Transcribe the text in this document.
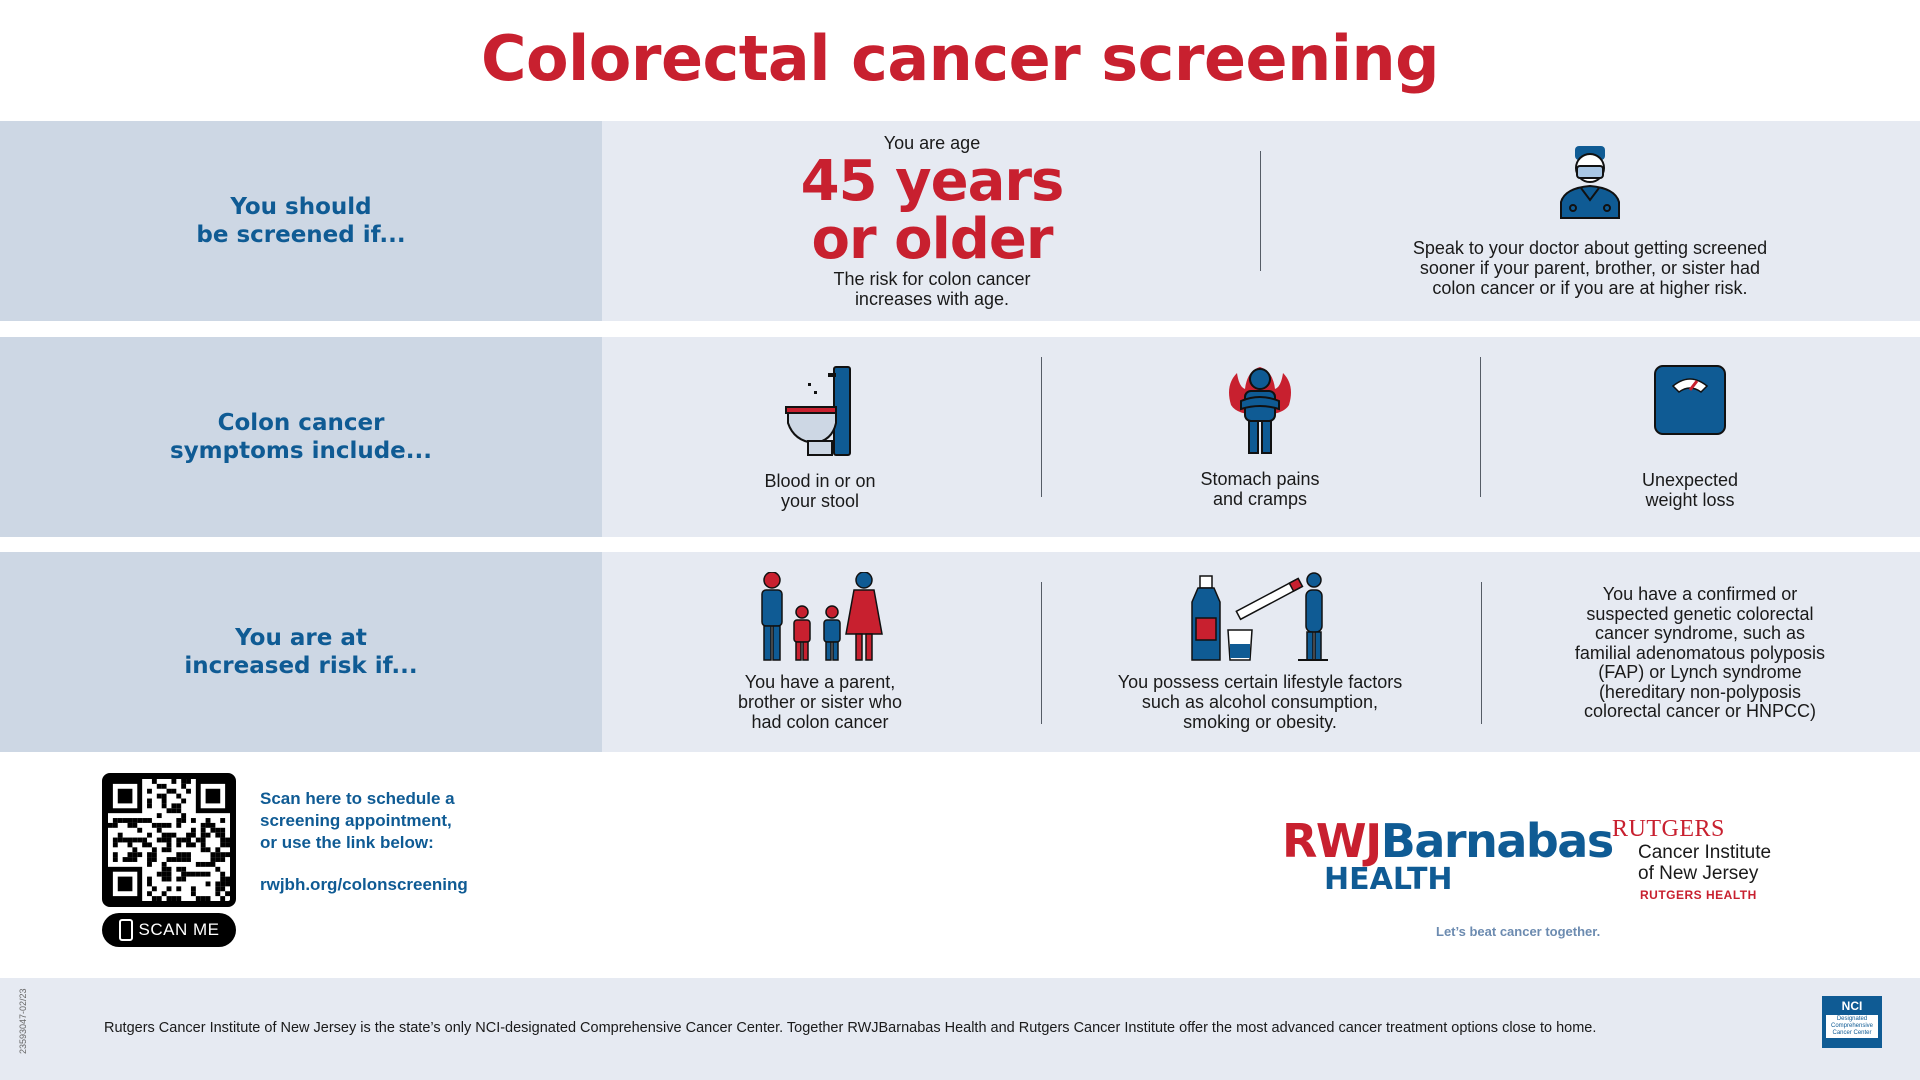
Colorectal cancer screening
You should
be screened if...
You are age
45 years
or older
The risk for colon cancer
increases with age.
Speak to your doctor about getting screened
sooner if your parent, brother, or sister had
colon cancer or if you are at higher risk.
Colon cancer
symptoms include...
Blood in or on
your stool
Stomach pains
and cramps
Unexpected
weight loss
You are at
increased risk if...
You have a parent,
brother or sister who
had colon cancer
You possess certain lifestyle factors
such as alcohol consumption,
smoking or obesity.
You have a confirmed or
suspected genetic colorectal
cancer syndrome, such as
familial adenomatous polyposis
(FAP) or Lynch syndrome
(hereditary non-polyposis
colorectal cancer or HNPCC)
SCAN ME
Scan here to schedule a
screening appointment,
or use the link below:
rwjbh.org/colonscreening
RWJBarnabas
HEALTH
RUTGERS
Cancer Institute
of New Jersey
RUTGERS HEALTH
Let’s beat cancer together.
23593047-02/23	Rutgers Cancer Institute of New Jersey is the state’s only NCI-designated Comprehensive Cancer Center. Together RWJBarnabas Health and Rutgers Cancer Institute offer the most advanced cancer treatment options close to home.
NCI
Designated
Comprehensive
Cancer Center
